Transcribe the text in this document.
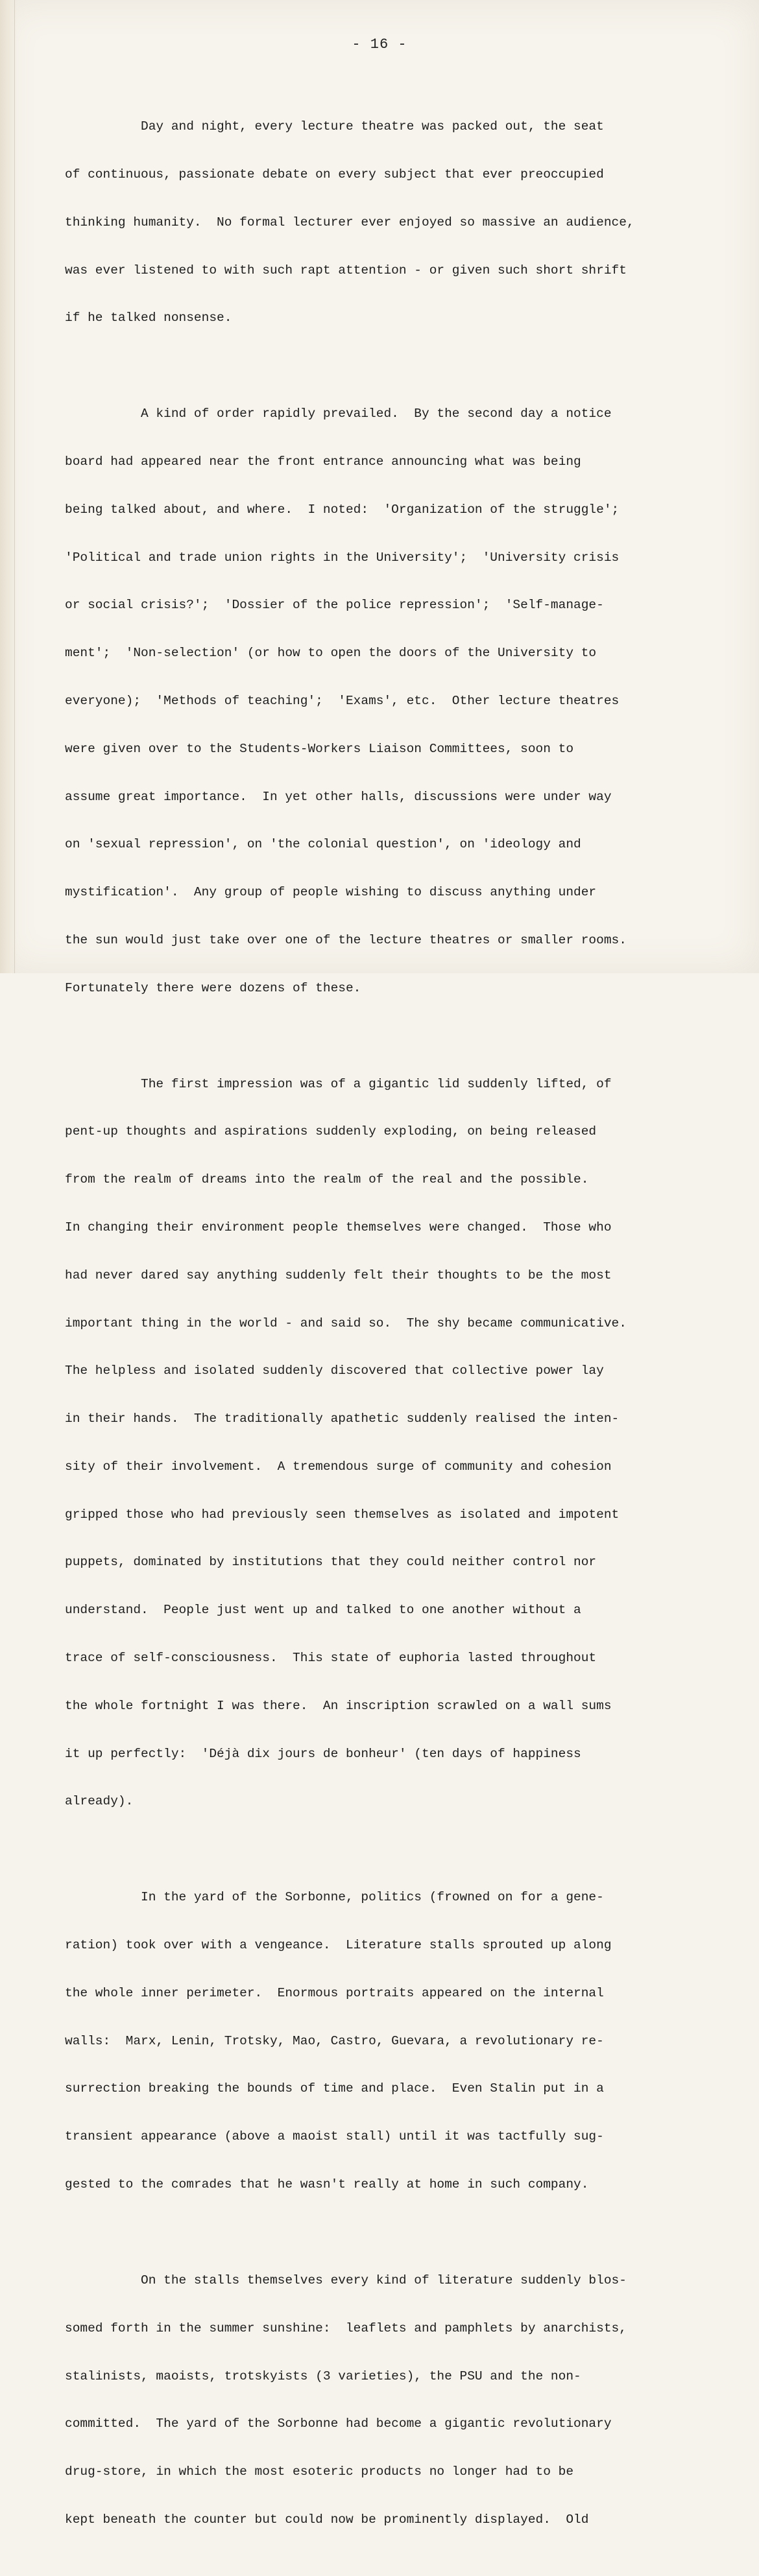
- 16 -

Day and night, every lecture theatre was packed out, the seat

of continuous, passionate debate on every subject that ever preoccupied

thinking humanity.  No formal lecturer ever enjoyed so massive an audience,

was ever listened to with such rapt attention - or given such short shrift

if he talked nonsense.

A kind of order rapidly prevailed.  By the second day a notice

board had appeared near the front entrance announcing what was being

being talked about, and where.  I noted:  'Organization of the struggle';

'Political and trade union rights in the University';  'University crisis

or social crisis?';  'Dossier of the police repression';  'Self-manage-

ment';  'Non-selection' (or how to open the doors of the University to

everyone);  'Methods of teaching';  'Exams', etc.  Other lecture theatres

were given over to the Students-Workers Liaison Committees, soon to

assume great importance.  In yet other halls, discussions were under way

on 'sexual repression', on 'the colonial question', on 'ideology and

mystification'.  Any group of people wishing to discuss anything under

the sun would just take over one of the lecture theatres or smaller rooms.

Fortunately there were dozens of these.

The first impression was of a gigantic lid suddenly lifted, of

pent-up thoughts and aspirations suddenly exploding, on being released

from the realm of dreams into the realm of the real and the possible.

In changing their environment people themselves were changed.  Those who

had never dared say anything suddenly felt their thoughts to be the most

important thing in the world - and said so.  The shy became communicative.

The helpless and isolated suddenly discovered that collective power lay

in their hands.  The traditionally apathetic suddenly realised the inten-

sity of their involvement.  A tremendous surge of community and cohesion

gripped those who had previously seen themselves as isolated and impotent

puppets, dominated by institutions that they could neither control nor

understand.  People just went up and talked to one another without a

trace of self-consciousness.  This state of euphoria lasted throughout

the whole fortnight I was there.  An inscription scrawled on a wall sums

it up perfectly:  'Déjà dix jours de bonheur' (ten days of happiness

already).

In the yard of the Sorbonne, politics (frowned on for a gene-

ration) took over with a vengeance.  Literature stalls sprouted up along

the whole inner perimeter.  Enormous portraits appeared on the internal

walls:  Marx, Lenin, Trotsky, Mao, Castro, Guevara, a revolutionary re-

surrection breaking the bounds of time and place.  Even Stalin put in a

transient appearance (above a maoist stall) until it was tactfully sug-

gested to the comrades that he wasn't really at home in such company.

On the stalls themselves every kind of literature suddenly blos-

somed forth in the summer sunshine:  leaflets and pamphlets by anarchists,

stalinists, maoists, trotskyists (3 varieties), the PSU and the non-

committed.  The yard of the Sorbonne had become a gigantic revolutionary

drug-store, in which the most esoteric products no longer had to be

kept beneath the counter but could now be prominently displayed.  Old
